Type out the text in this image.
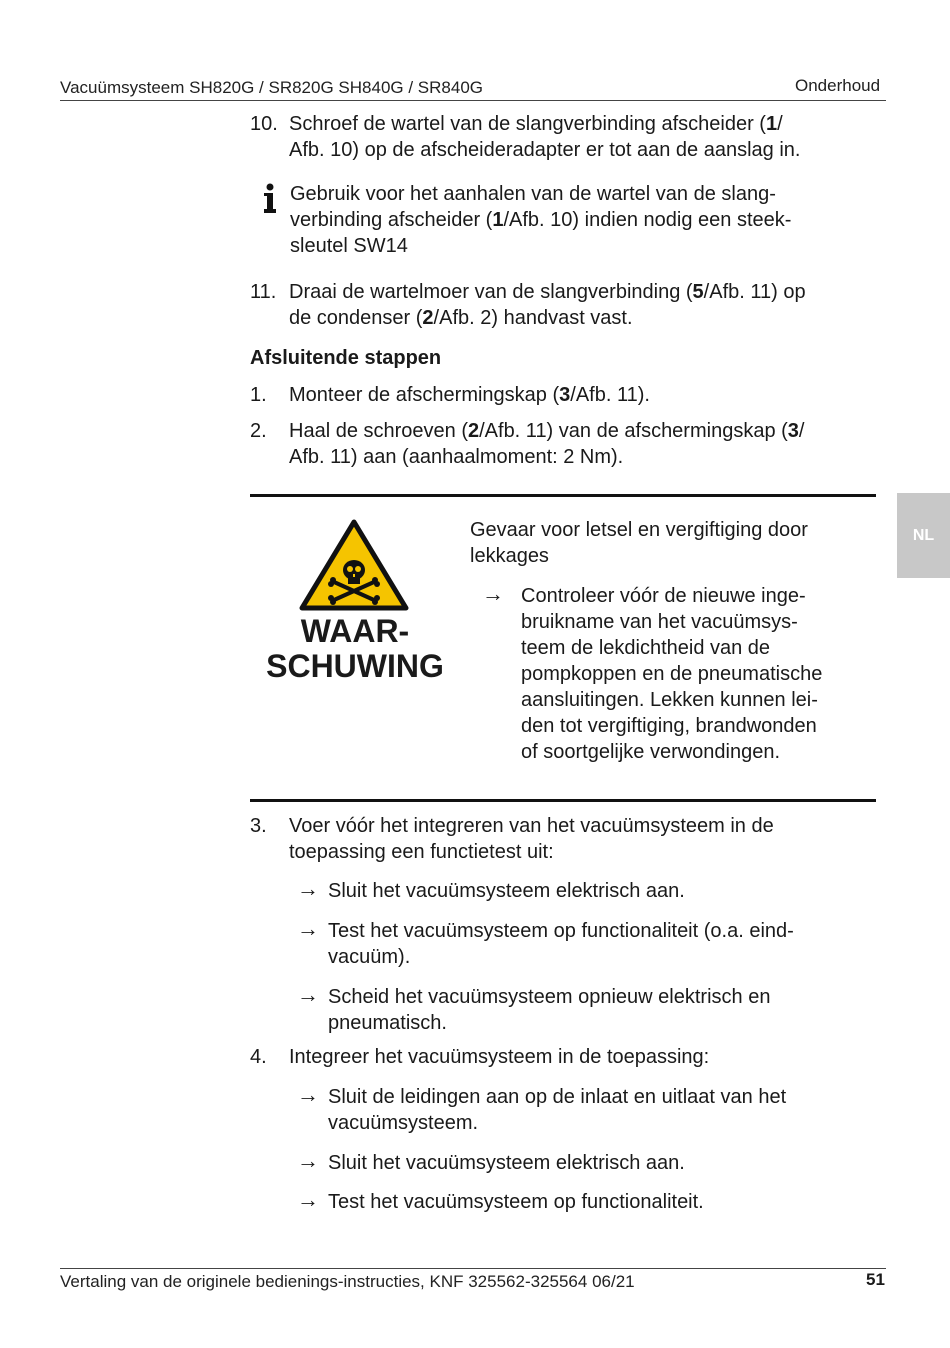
Vacuümsysteem SH820G / SR820G SH840G / SR840G	Onderhoud
NL
10. Schroef de wartel van de slangverbinding afscheider (1/
Afb. 10) op de afscheideradapter er tot aan de aanslag in.
Gebruik voor het aanhalen van de wartel van de slang-
verbinding afscheider (1/Afb. 10) indien nodig een steek-
sleutel SW14
11. Draai de wartelmoer van de slangverbinding (5/Afb. 11) op
de condenser (2/Afb. 2) handvast vast.
Afsluitende stappen
1. Monteer de afschermingskap (3/Afb. 11).
2. Haal de schroeven (2/Afb. 11) van de afschermingskap (3/
Afb. 11) aan (aanhaalmoment: 2 Nm).
WAAR-
SCHUWING
Gevaar voor letsel en vergiftiging door
lekkages
→ Controleer vóór de nieuwe inge-
bruikname van het vacuümsys-
teem de lekdichtheid van de
pompkoppen en de pneumatische
aansluitingen. Lekken kunnen lei-
den tot vergiftiging, brandwonden
of soortgelijke verwondingen.
3. Voer vóór het integreren van het vacuümsysteem in de
toepassing een functietest uit:
→ Sluit het vacuümsysteem elektrisch aan.
→ Test het vacuümsysteem op functionaliteit (o.a. eind-
vacuüm).
→ Scheid het vacuümsysteem opnieuw elektrisch en
pneumatisch.
4. Integreer het vacuümsysteem in de toepassing:
→ Sluit de leidingen aan op de inlaat en uitlaat van het
vacuümsysteem.
→ Sluit het vacuümsysteem elektrisch aan.
→ Test het vacuümsysteem op functionaliteit.
Vertaling van de originele bedienings-instructies, KNF 325562-325564 06/21	51
